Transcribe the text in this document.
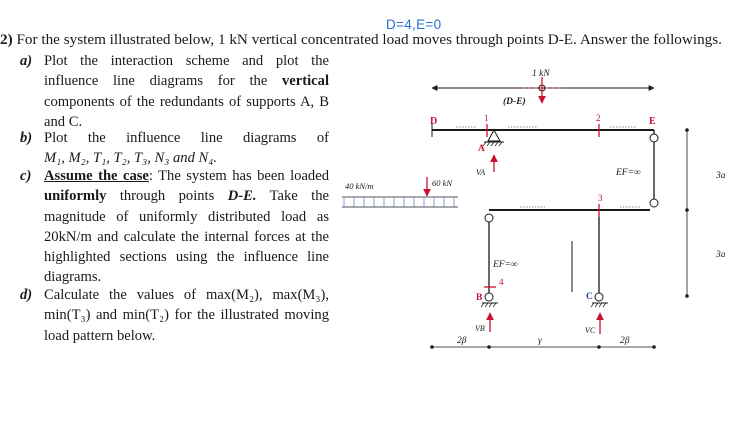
D=4,E=0
2) For the system illustrated below, 1 kN vertical concentrated load moves through points D-E. Answer the followings.
a) Plot the interaction scheme and plot the
influence line diagrams for the vertical
components of the redundants of supports A, B
and C.
b) Plot the influence line diagrams of
M₁, M₂, T₁, T₂, T₃, N₃ and N₄.
c) Assume the case: The system has been loaded
uniformly through points D-E. Take the
magnitude of uniformly distributed load as
20kN/m and calculate the internal forces at the
highlighted sections using the influence line
diagrams.
d) Calculate the values of max(M₂), max(M₃),
min(T₃) and min(T₂) for the illustrated moving
load pattern below.
1 kN
(D-E)
D	E
1	2
A
VA	EF=∞
3
EF=∞
4
B
VB
C
VC
40 kN/m	60 kN
3a
3a
2β	γ	2β
